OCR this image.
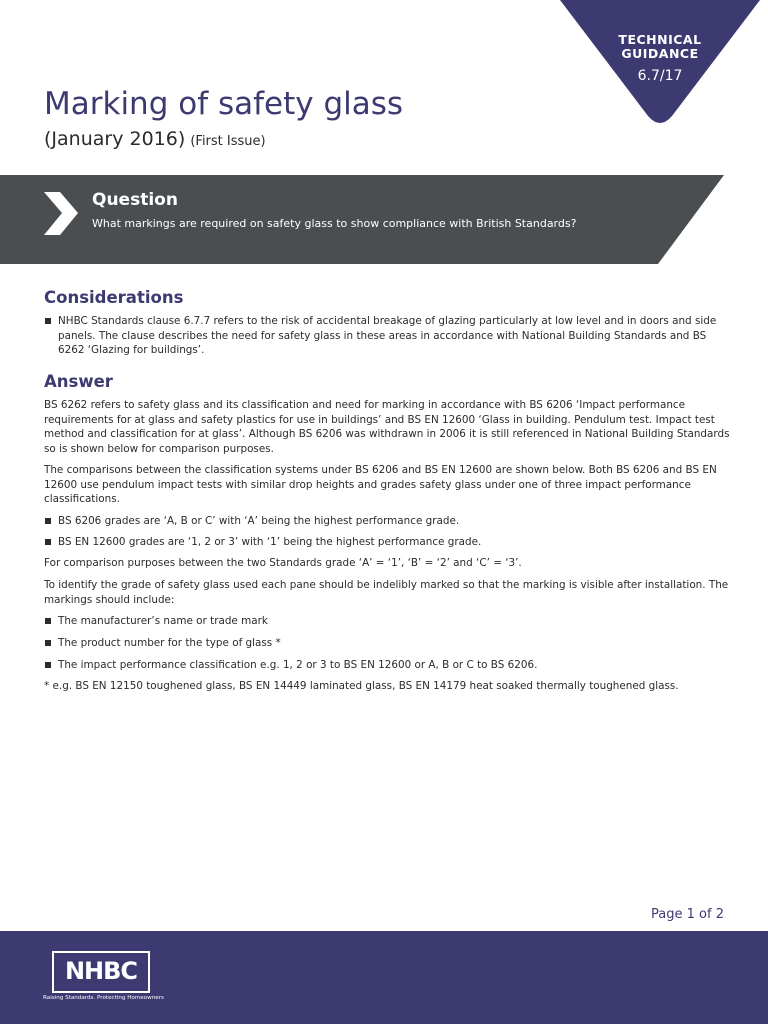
TECHNICAL
GUIDANCE
6.7/17
Marking of safety glass
(January 2016) (First Issue)
Question
What markings are required on safety glass to show compliance with British Standards?
Considerations
NHBC Standards clause 6.7.7 refers to the risk of accidental breakage of glazing particularly at low level and in doors and side panels. The clause describes the need for safety glass in these areas in accordance with National Building Standards and BS 6262 ‘Glazing for buildings’.
Answer
BS 6262 refers to safety glass and its classification and need for marking in accordance with BS 6206 ‘Impact performance requirements for at glass and safety plastics for use in buildings’ and BS EN 12600 ‘Glass in building. Pendulum test. Impact test method and classification for at glass’. Although BS 6206 was withdrawn in 2006 it is still referenced in National Building Standards so is shown below for comparison purposes.
The comparisons between the classification systems under BS 6206 and BS EN 12600 are shown below. Both BS 6206 and BS EN 12600 use pendulum impact tests with similar drop heights and grades safety glass under one of three impact performance classifications.
BS 6206 grades are ‘A, B or C’ with ‘A’ being the highest performance grade.
BS EN 12600 grades are ‘1, 2 or 3’ with ‘1’ being the highest performance grade.
For comparison purposes between the two Standards grade ‘A’ = ‘1’, ‘B’ = ‘2’ and ‘C’ = ‘3’.
To identify the grade of safety glass used each pane should be indelibly marked so that the marking is visible after installation. The markings should include:
The manufacturer’s name or trade mark
The product number for the type of glass *
The impact performance classification e.g. 1, 2 or 3 to BS EN 12600 or A, B or C to BS 6206.
* e.g. BS EN 12150 toughened glass, BS EN 14449 laminated glass, BS EN 14179 heat soaked thermally toughened glass.
Page 1 of 2
NHBC
Raising Standards. Protecting Homeowners
